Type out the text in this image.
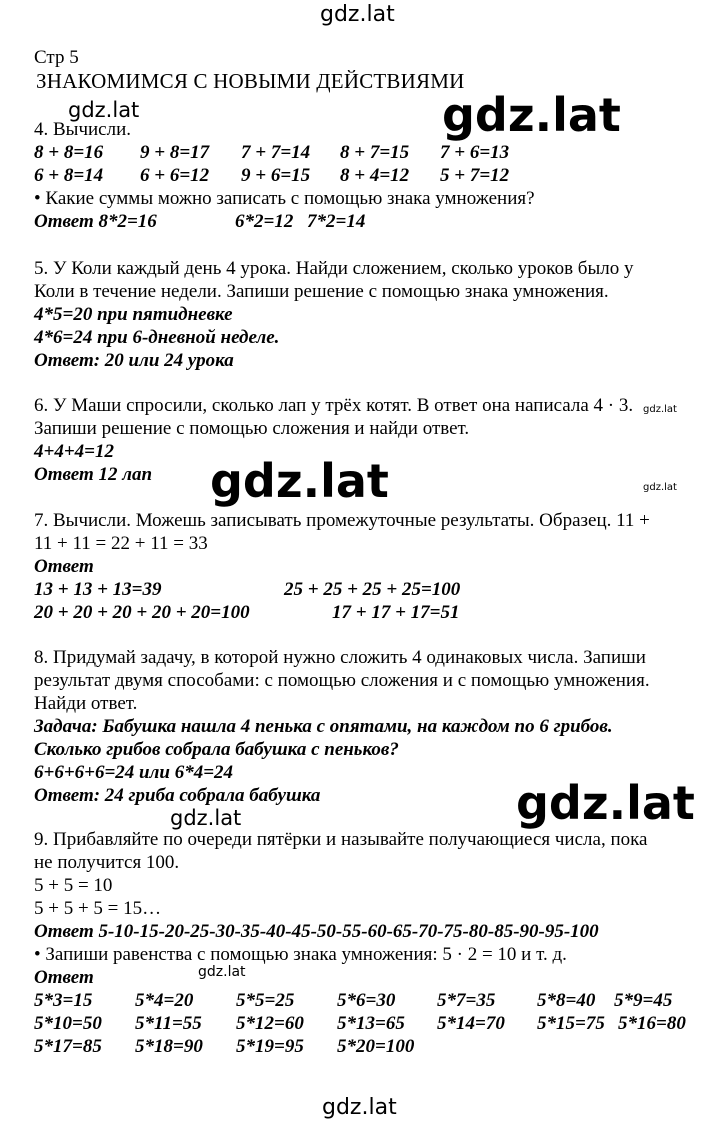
gdz.lat
gdz.lat	gdz.lat
gdz.lat
gdz.lat	gdz.lat
gdz.lat
gdz.lat
gdz.lat
gdz.lat
Стр 5
ЗНАКОМИМСЯ С НОВЫМИ ДЕЙСТВИЯМИ
4. Вычисли.
8 + 8=16 9 + 8=17 7 + 7=14 8 + 7=15 7 + 6=13
6 + 8=14 6 + 6=12 9 + 6=15 8 + 4=12 5 + 7=12
• Какие суммы можно записать с помощью знака умножения?
Ответ 8*2=16	6*2=12 7*2=14
5. У Коли каждый день 4 урока. Найди сложением, сколько уроков было у
Коли в течение недели. Запиши решение с помощью знака умножения.
4*5=20 при пятидневке
4*6=24 при 6-дневной неделе.
Ответ: 20 или 24 урока
6. У Маши спросили, сколько лап у трёх котят. В ответ она написала 4 · 3.
Запиши решение с помощью сложения и найди ответ.
4+4+4=12
Ответ 12 лап
7. Вычисли. Можешь записывать промежуточные результаты. Образец. 11 +
11 + 11 = 22 + 11 = 33
Ответ
13 + 13 + 13=39	25 + 25 + 25 + 25=100
20 + 20 + 20 + 20 + 20=100	17 + 17 + 17=51
8. Придумай задачу, в которой нужно сложить 4 одинаковых числа. Запиши
результат двумя способами: с помощью сложения и с помощью умножения.
Найди ответ.
Задача: Бабушка нашла 4 пенька с опятами, на каждом по 6 грибов.
Сколько грибов собрала бабушка с пеньков?
6+6+6+6=24 или 6*4=24
Ответ: 24 гриба собрала бабушка
9. Прибавляйте по очереди пятёрки и называйте получающиеся числа, пока
не получится 100.
5 + 5 = 10
5 + 5 + 5 = 15…
Ответ 5-10-15-20-25-30-35-40-45-50-55-60-65-70-75-80-85-90-95-100
• Запиши равенства с помощью знака умножения: 5 · 2 = 10 и т. д.
Ответ
5*3=15 5*4=20 5*5=25 5*6=30 5*7=35 5*8=40 5*9=45
5*10=50 5*11=55 5*12=60 5*13=65 5*14=70 5*15=75 5*16=80
5*17=85 5*18=90 5*19=95 5*20=100
